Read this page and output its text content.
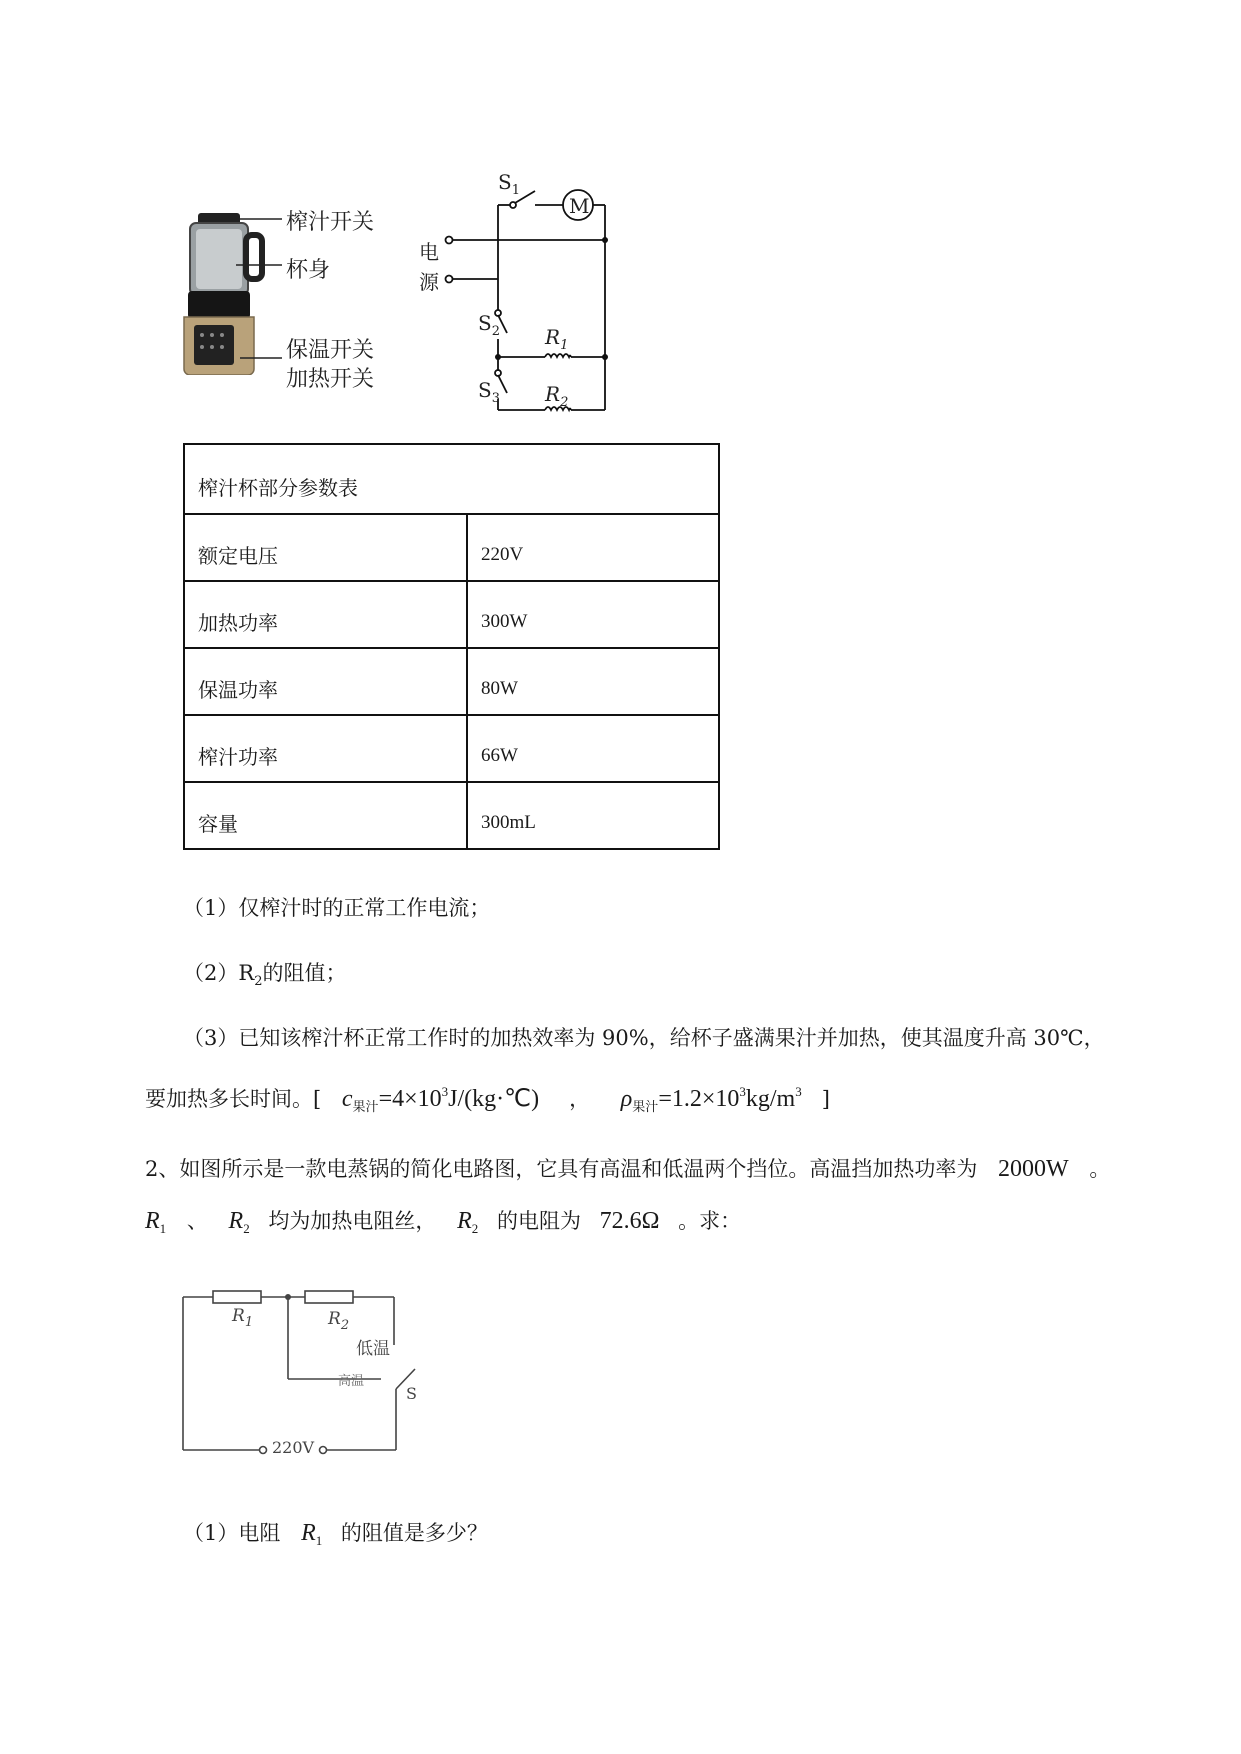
榨汁开关
杯身
保温开关
加热开关
电
源
$S_1$
M
$S_2$
$S_3$
$R_1$
$R_2$
榨汁杯部分参数表	
额定电压	220V
加热功率	300W
保温功率	80W
榨汁功率	66W
容量	300mL
（1）仅榨汁时的正常工作电流；
$(2)R_2$的阻值；
（3）已知该榨汁杯正常工作时的加热效率为 90%，给杯子盛满果汁并加热，使其温度升高 30℃，
要加热多长时间。[ $c_{果汁}=4\times 10^3J/(kg\cdot℃)$ ， $\rho_{果汁}=1.2\times 10^3kg/m^3$ ]
2、如图所示是一款电蒸锅的简化电路图，它具有高温和低温两个挡位。高温挡加热功率为 2000W 。
$R_1$ 、 $R_2$ 均为加热电阻丝， $R_2$ 的电阻为 72.6Ω 。求：
$R_1$	$R_2$
低温
高温
S
220V
（1）电阻 $R_1$ 的阻值是多少？
